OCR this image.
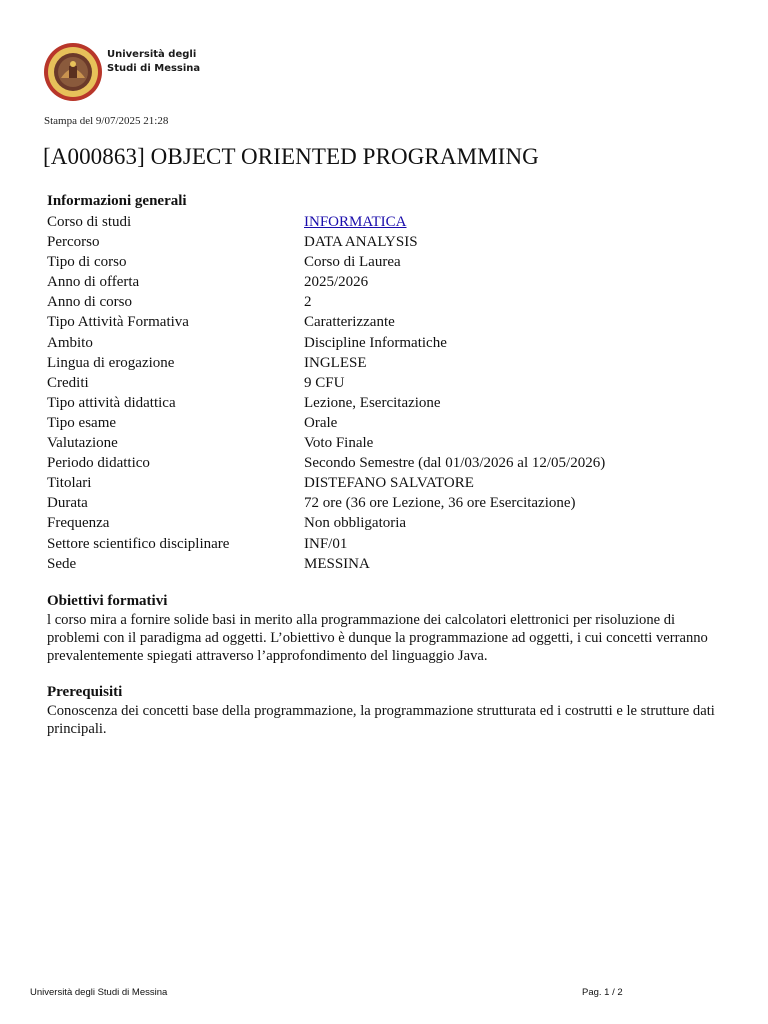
Università degli
Studi di Messina
Stampa del 9/07/2025 21:28
[A000863] OBJECT ORIENTED PROGRAMMING
Informazioni generali
Corso di studi	INFORMATICA
Percorso	DATA ANALYSIS
Tipo di corso	Corso di Laurea
Anno di offerta	2025/2026
Anno di corso	2
Tipo Attività Formativa	Caratterizzante
Ambito	Discipline Informatiche
Lingua di erogazione	INGLESE
Crediti	9 CFU
Tipo attività didattica	Lezione, Esercitazione
Tipo esame	Orale
Valutazione	Voto Finale
Periodo didattico	Secondo Semestre (dal 01/03/2026 al 12/05/2026)
Titolari	DISTEFANO SALVATORE
Durata	72 ore (36 ore Lezione, 36 ore Esercitazione)
Frequenza	Non obbligatoria
Settore scientifico disciplinare	INF/01
Sede	MESSINA
Obiettivi formativi
l corso mira a fornire solide basi in merito alla programmazione dei calcolatori elettronici per risoluzione di problemi con il paradigma ad oggetti. L’obiettivo è dunque la programmazione ad oggetti, i cui concetti verranno prevalentemente spiegati attraverso l’approfondimento del linguaggio Java.
Prerequisiti
Conoscenza dei concetti base della programmazione, la programmazione strutturata ed i costrutti e le strutture dati principali.
Università degli Studi di Messina	Pag. 1 / 2
